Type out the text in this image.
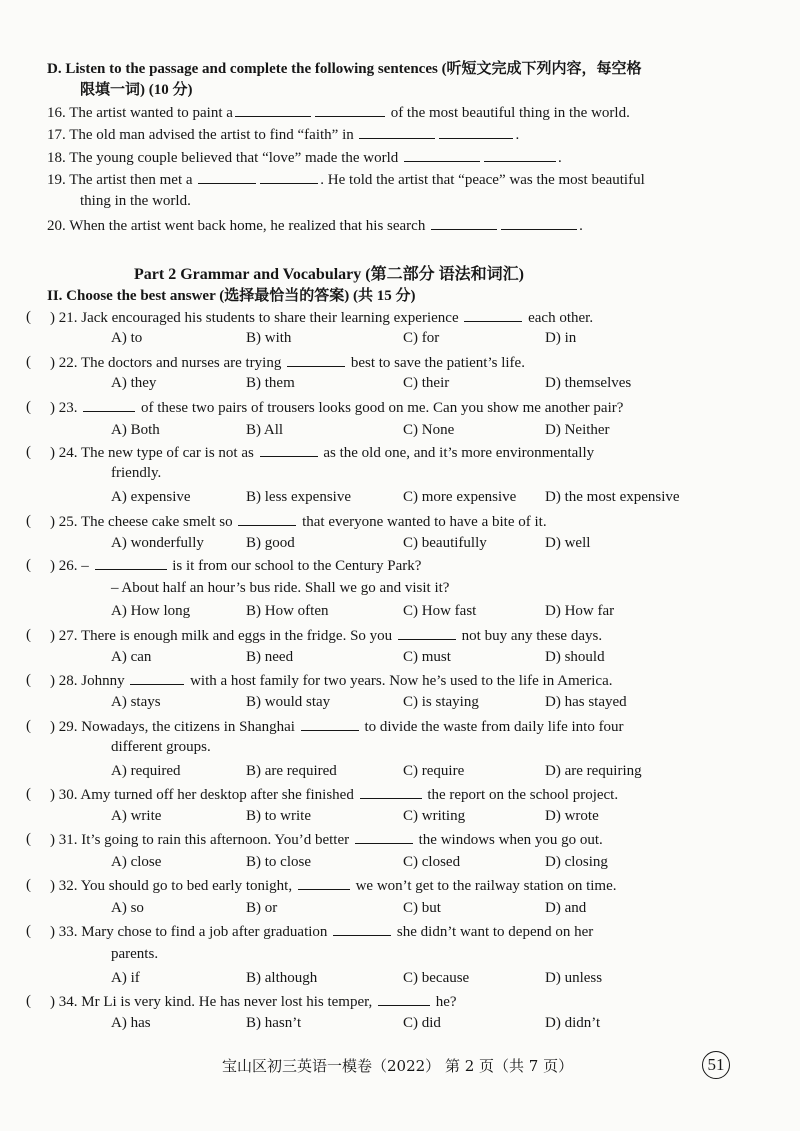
D. Listen to the passage and complete the following sentences (听短文完成下列内容，每空格
限填一词) (10 分)
16. The artist wanted to paint a	of the most beautiful thing in the world.
17. The old man advised the artist to find “faith” in	.
18. The young couple believed that “love” made the world	.
19. The artist then met a	. He told the artist that “peace” was the most beautiful
thing in the world.
20. When the artist went back home, he realized that his search	.
Part 2 Grammar and Vocabulary (第二部分 语法和词汇)
II. Choose the best answer (选择最恰当的答案) (共 15 分)
( ) 21. Jack encouraged his students to share their learning experience	each other.
A) to	B) with	C) for	D) in
( ) 22. The doctors and nurses are trying	best to save the patient’s life.
A) they	B) them	C) their	D) themselves
( ) 23.	of these two pairs of trousers looks good on me. Can you show me another pair?
A) Both	B) All	C) None	D) Neither
( ) 24. The new type of car is not as	as the old one, and it’s more environmentally
friendly.
A) expensive	B) less expensive	C) more expensive D) the most expensive
( ) 25. The cheese cake smelt so	that everyone wanted to have a bite of it.
A) wonderfully	B) good	C) beautifully	D) well
( ) 26. –	is it from our school to the Century Park?
– About half an hour’s bus ride. Shall we go and visit it?
A) How long	B) How often	C) How fast	D) How far
( ) 27. There is enough milk and eggs in the fridge. So you	not buy any these days.
A) can	B) need	C) must	D) should
( ) 28. Johnny	with a host family for two years. Now he’s used to the life in America.
A) stays	B) would stay	C) is staying	D) has stayed
( ) 29. Nowadays, the citizens in Shanghai	to divide the waste from daily life into four
different groups.
A) required	B) are required	C) require	D) are requiring
( ) 30. Amy turned off her desktop after she finished	the report on the school project.
A) write	B) to write	C) writing	D) wrote
( ) 31. It’s going to rain this afternoon. You’d better	the windows when you go out.
A) close	B) to close	C) closed	D) closing
( ) 32. You should go to bed early tonight,	we won’t get to the railway station on time.
A) so	B) or	C) but	D) and
( ) 33. Mary chose to find a job after graduation	she didn’t want to depend on her
parents.
A) if	B) although	C) because	D) unless
( ) 34. Mr Li is very kind. He has never lost his temper,	he?
A) has	B) hasn’t	C) did	D) didn’t
宝山区初三英语一模卷（2022） 第 2 页（共 7 页）	51
